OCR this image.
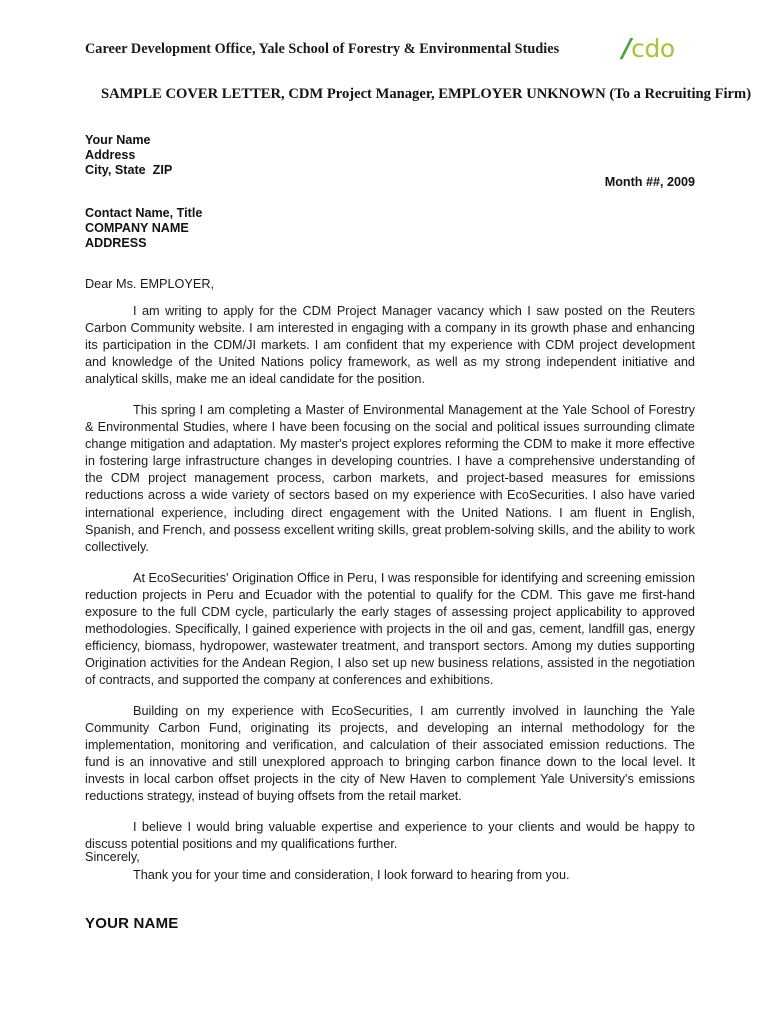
Career Development Office, Yale School of Forestry & Environmental Studies /cdo
SAMPLE COVER LETTER, CDM Project Manager, EMPLOYER UNKNOWN (To a Recruiting Firm)
Your Name
Address
City, State  ZIP
Month ##, 2009
Contact Name, Title
COMPANY NAME
ADDRESS
Dear Ms. EMPLOYER,

I am writing to apply for the CDM Project Manager vacancy which I saw posted on the Reuters Carbon Community website. I am interested in engaging with a company in its growth phase and enhancing its participation in the CDM/JI markets. I am confident that my experience with CDM project development and knowledge of the United Nations policy framework, as well as my strong independent initiative and analytical skills, make me an ideal candidate for the position.

This spring I am completing a Master of Environmental Management at the Yale School of Forestry & Environmental Studies, where I have been focusing on the social and political issues surrounding climate change mitigation and adaptation. My master's project explores reforming the CDM to make it more effective in fostering large infrastructure changes in developing countries. I have a comprehensive understanding of the CDM project management process, carbon markets, and project-based measures for emissions reductions across a wide variety of sectors based on my experience with EcoSecurities. I also have varied international experience, including direct engagement with the United Nations. I am fluent in English, Spanish, and French, and possess excellent writing skills, great problem-solving skills, and the ability to work collectively.

At EcoSecurities' Origination Office in Peru, I was responsible for identifying and screening emission reduction projects in Peru and Ecuador with the potential to qualify for the CDM. This gave me first-hand exposure to the full CDM cycle, particularly the early stages of assessing project applicability to approved methodologies. Specifically, I gained experience with projects in the oil and gas, cement, landfill gas, energy efficiency, biomass, hydropower, wastewater treatment, and transport sectors. Among my duties supporting Origination activities for the Andean Region, I also set up new business relations, assisted in the negotiation of contracts, and supported the company at conferences and exhibitions.

Building on my experience with EcoSecurities, I am currently involved in launching the Yale Community Carbon Fund, originating its projects, and developing an internal methodology for the implementation, monitoring and verification, and calculation of their associated emission reductions. The fund is an innovative and still unexplored approach to bringing carbon finance down to the local level. It invests in local carbon offset projects in the city of New Haven to complement Yale University's emissions reductions strategy, instead of buying offsets from the retail market.

I believe I would bring valuable expertise and experience to your clients and would be happy to discuss potential positions and my qualifications further.

Thank you for your time and consideration, I look forward to hearing from you.

Sincerely,
YOUR NAME
